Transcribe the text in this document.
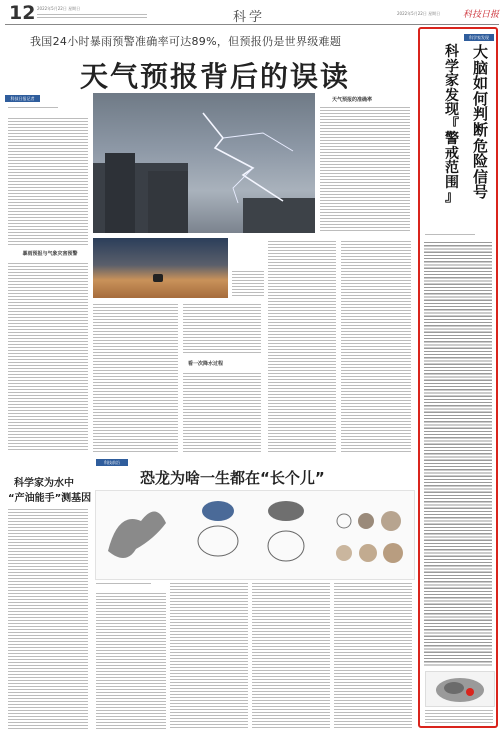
12 2022年5月22日 星期日
科学	2022年5月22日 星期日	科技日报
我国24小时暴雨预警准确率可达89%，但预报仍是世界级难题
天气预报背后的误读
科技日报记者
暴雨预报与气象灾害预警
科学家为水中
“产油能手”测基因
看一次降水过程
天气预报的准确率
科技前沿
恐龙为啥一生都在“长个儿”
科学家发现
大
脑
如
何
判
断
危
险
信
号
科
学
家
发
现
『
警
戒
范
围
』
